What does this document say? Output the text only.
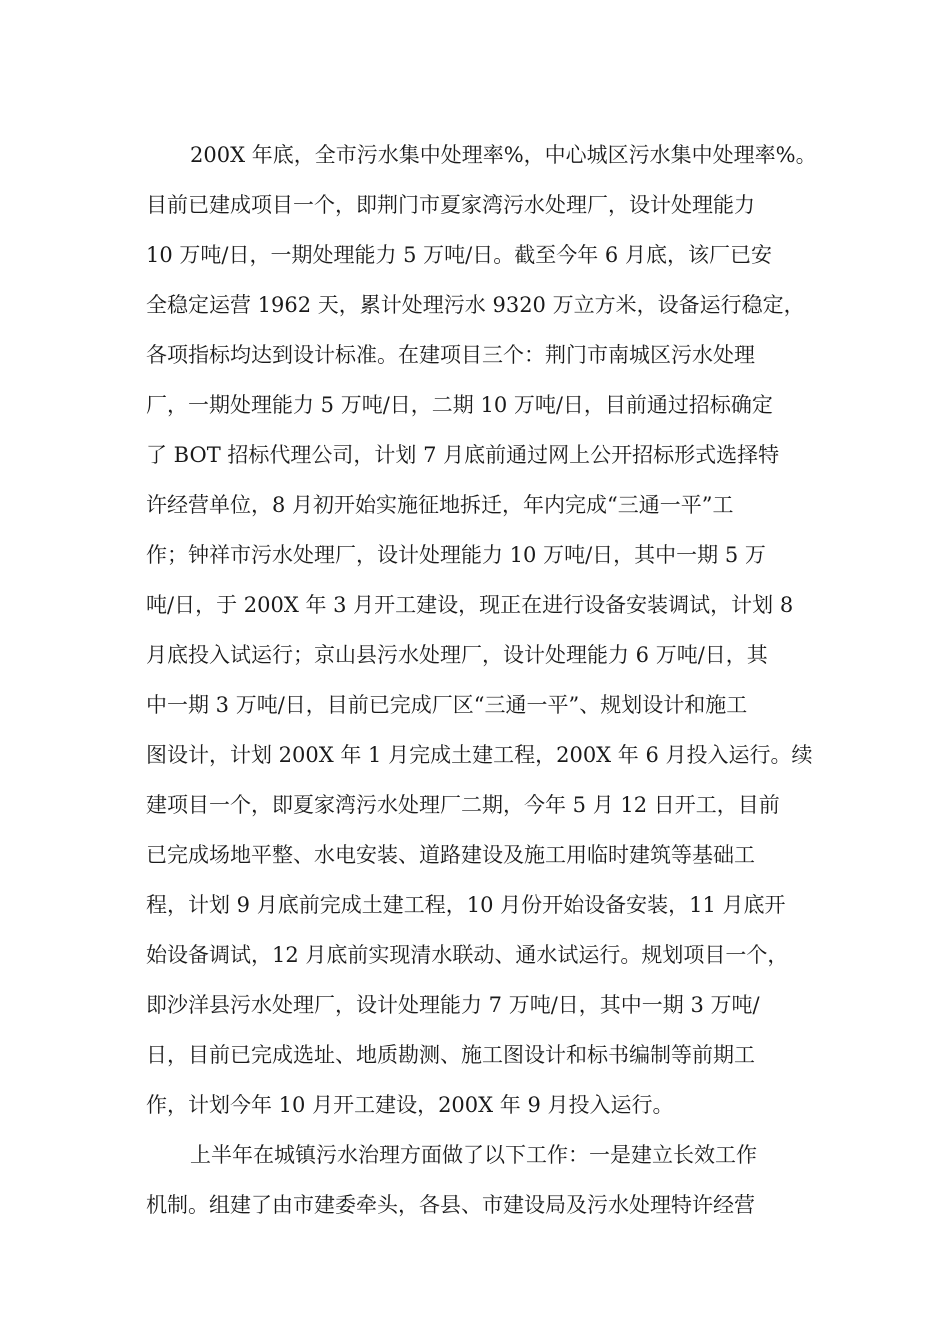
200X 年底，全市污水集中处理率%，中心城区污水集中处理率%。
目前已建成项目一个，即荆门市夏家湾污水处理厂，设计处理能力
10 万吨/日，一期处理能力 5 万吨/日。截至今年 6 月底，该厂已安
全稳定运营 1962 天，累计处理污水 9320 万立方米，设备运行稳定，
各项指标均达到设计标准。在建项目三个：荆门市南城区污水处理
厂，一期处理能力 5 万吨/日，二期 10 万吨/日，目前通过招标确定
了 BOT 招标代理公司，计划 7 月底前通过网上公开招标形式选择特
许经营单位，8 月初开始实施征地拆迁，年内完成“三通一平”工
作；钟祥市污水处理厂，设计处理能力 10 万吨/日，其中一期 5 万
吨/日，于 200X 年 3 月开工建设，现正在进行设备安装调试，计划 8
月底投入试运行；京山县污水处理厂，设计处理能力 6 万吨/日，其
中一期 3 万吨/日，目前已完成厂区“三通一平”、规划设计和施工
图设计，计划 200X 年 1 月完成土建工程，200X 年 6 月投入运行。续
建项目一个，即夏家湾污水处理厂二期，今年 5 月 12 日开工，目前
已完成场地平整、水电安装、道路建设及施工用临时建筑等基础工
程，计划 9 月底前完成土建工程，10 月份开始设备安装，11 月底开
始设备调试，12 月底前实现清水联动、通水试运行。规划项目一个，
即沙洋县污水处理厂，设计处理能力 7 万吨/日，其中一期 3 万吨/
日，目前已完成选址、地质勘测、施工图设计和标书编制等前期工
作，计划今年 10 月开工建设，200X 年 9 月投入运行。
上半年在城镇污水治理方面做了以下工作：一是建立长效工作
机制。组建了由市建委牵头，各县、市建设局及污水处理特许经营
